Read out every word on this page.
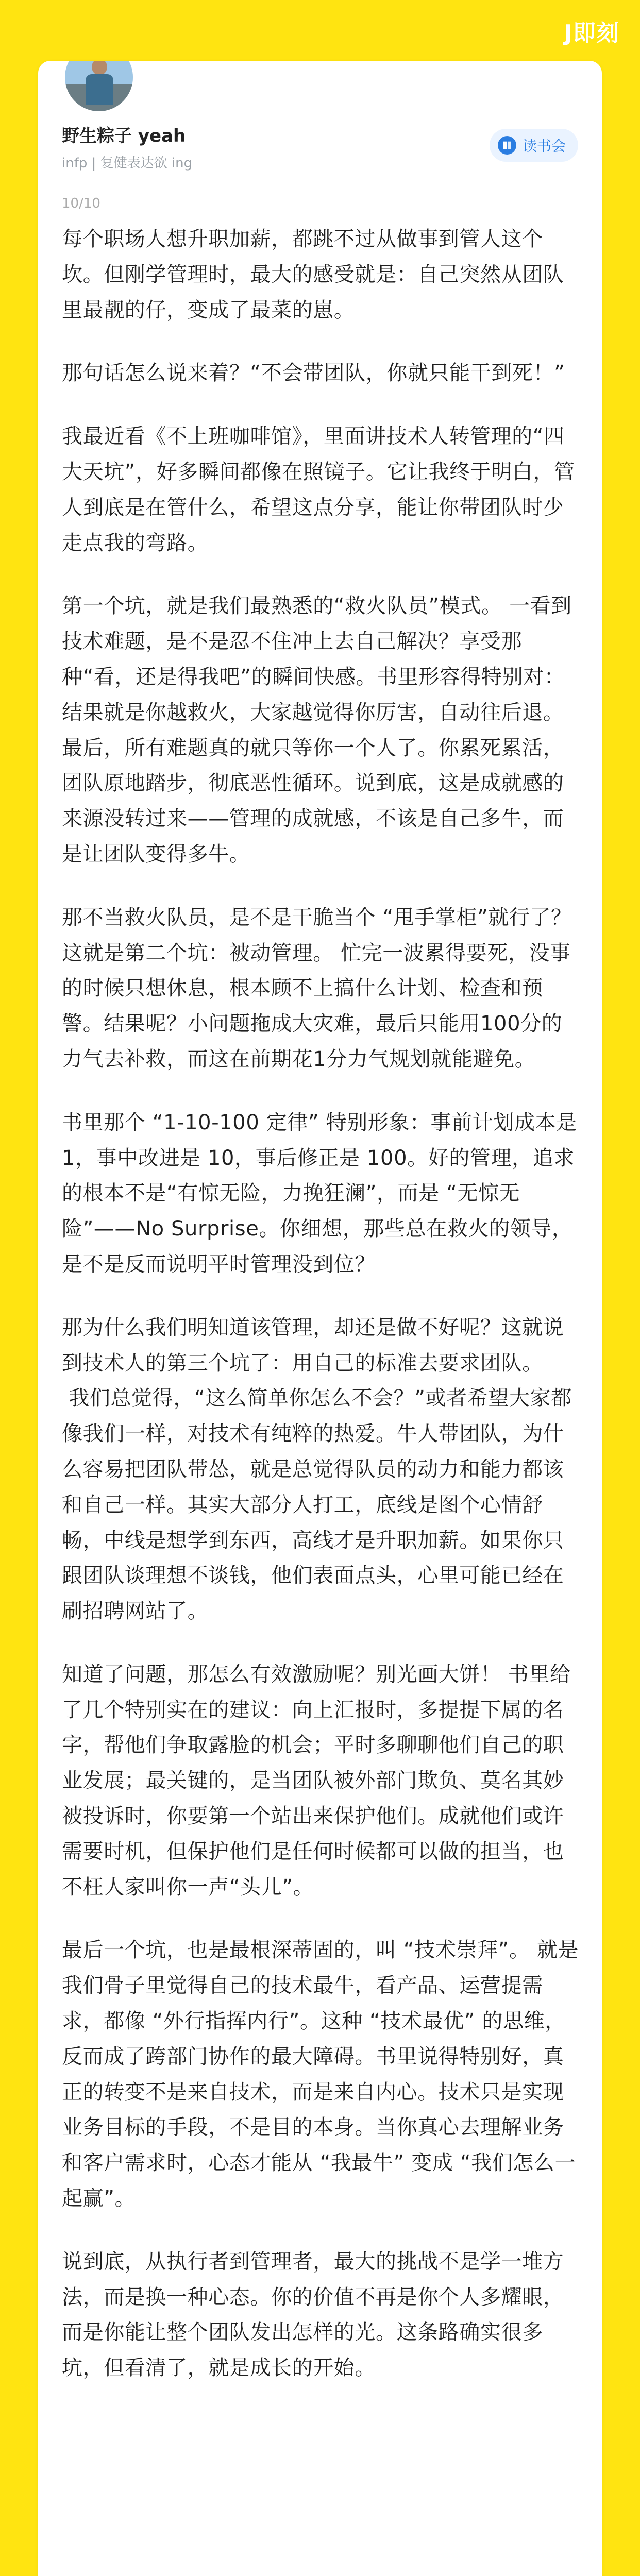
J即刻
野生粽子 yeah
infp | 复健表达欲 ing
读书会
10/10

每个职场人想升职加薪，都跳不过从做事到管人这个坎。但刚学管理时，最大的感受就是：自己突然从团队里最靓的仔，变成了最菜的崽。

那句话怎么说来着？“不会带团队，你就只能干到死！”

我最近看《不上班咖啡馆》，里面讲技术人转管理的“四大天坑”，好多瞬间都像在照镜子。它让我终于明白，管人到底是在管什么，希望这点分享，能让你带团队时少走点我的弯路。

第一个坑，就是我们最熟悉的“救火队员”模式。 一看到技术难题，是不是忍不住冲上去自己解决？享受那种“看，还是得我吧”的瞬间快感。书里形容得特别对：结果就是你越救火，大家越觉得你厉害，自动往后退。最后，所有难题真的就只等你一个人了。你累死累活，团队原地踏步，彻底恶性循环。说到底，这是成就感的来源没转过来——管理的成就感，不该是自己多牛，而是让团队变得多牛。

那不当救火队员，是不是干脆当个 “甩手掌柜”就行了？ 这就是第二个坑：被动管理。 忙完一波累得要死，没事的时候只想休息，根本顾不上搞什么计划、检查和预警。结果呢？小问题拖成大灾难，最后只能用100分的力气去补救，而这在前期花1分力气规划就能避免。

书里那个 “1-10-100 定律” 特别形象：事前计划成本是 1，事中改进是 10，事后修正是 100。好的管理，追求的根本不是“有惊无险，力挽狂澜”，而是 “无惊无险”——No Surprise。你细想，那些总在救火的领导，是不是反而说明平时管理没到位？

那为什么我们明知道该管理，却还是做不好呢？这就说到技术人的第三个坑了：用自己的标准去要求团队。
我们总觉得，“这么简单你怎么不会？”或者希望大家都像我们一样，对技术有纯粹的热爱。牛人带团队，为什么容易把团队带怂，就是总觉得队员的动力和能力都该和自己一样。其实大部分人打工，底线是图个心情舒畅，中线是想学到东西，高线才是升职加薪。如果你只跟团队谈理想不谈钱，他们表面点头，心里可能已经在刷招聘网站了。

知道了问题，那怎么有效激励呢？别光画大饼！ 书里给了几个特别实在的建议：向上汇报时，多提提下属的名字，帮他们争取露脸的机会；平时多聊聊他们自己的职业发展；最关键的，是当团队被外部门欺负、莫名其妙被投诉时，你要第一个站出来保护他们。成就他们或许需要时机，但保护他们是任何时候都可以做的担当，也不枉人家叫你一声“头儿”。

最后一个坑，也是最根深蒂固的，叫 “技术崇拜”。 就是我们骨子里觉得自己的技术最牛，看产品、运营提需求，都像 “外行指挥内行”。这种 “技术最优” 的思维，反而成了跨部门协作的最大障碍。书里说得特别好，真正的转变不是来自技术，而是来自内心。技术只是实现业务目标的手段，不是目的本身。当你真心去理解业务和客户需求时，心态才能从 “我最牛” 变成 “我们怎么一起赢”。

说到底，从执行者到管理者，最大的挑战不是学一堆方法，而是换一种心态。你的价值不再是你个人多耀眼，而是你能让整个团队发出怎样的光。这条路确实很多坑，但看清了，就是成长的开始。
